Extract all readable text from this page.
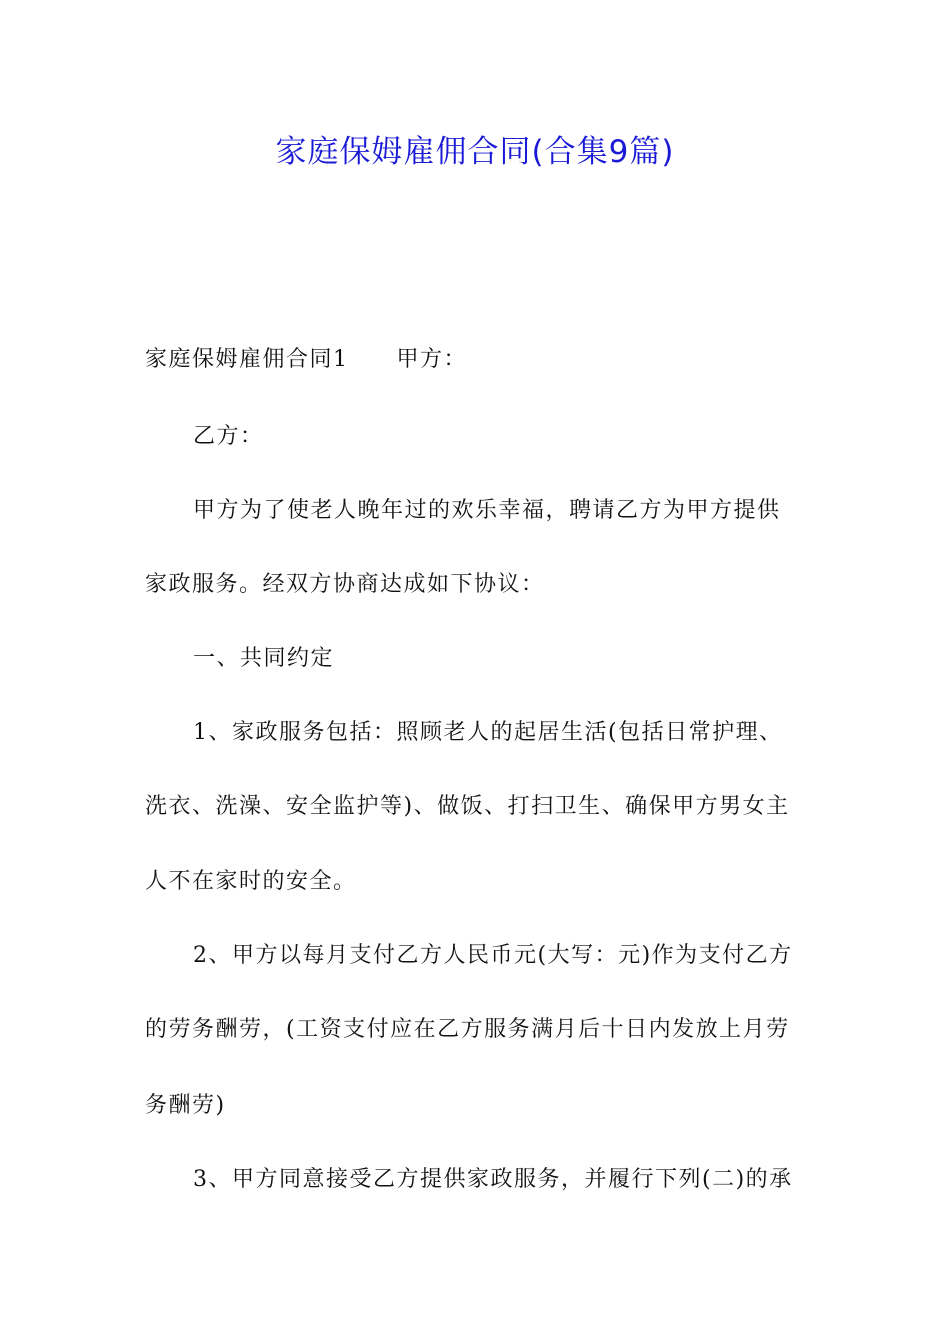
家庭保姆雇佣合同(合集9篇)
家庭保姆雇佣合同1 甲方：
乙方：
甲方为了使老人晚年过的欢乐幸福，聘请乙方为甲方提供
家政服务。经双方协商达成如下协议：
一、共同约定
1、家政服务包括：照顾老人的起居生活(包括日常护理、
洗衣、洗澡、安全监护等)、做饭、打扫卫生、确保甲方男女主
人不在家时的安全。
2、甲方以每月支付乙方人民币元(大写：元)作为支付乙方
的劳务酬劳，(工资支付应在乙方服务满月后十日内发放上月劳
务酬劳)
3、甲方同意接受乙方提供家政服务，并履行下列(二)的承
